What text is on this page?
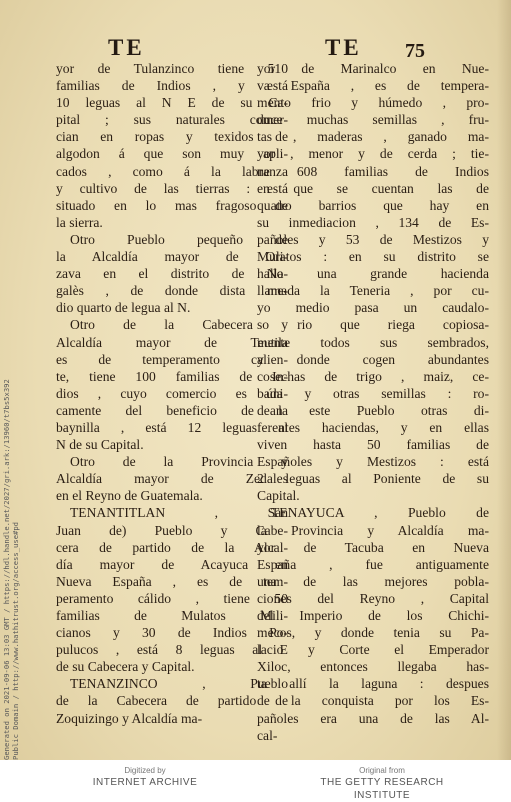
TE	TE 75

yor de Tulanzinco tiene 510
familias de Indios , y está
10 leguas al N E de su Ca-
pital ; sus naturales comer-
cian en ropas y texidos de
algodon á que son muy apli-
cados , como á la labranza
y cultivo de las tierras : está
situado en lo mas fragoso de
la sierra.

Otro Pueblo pequeño de
la Alcaldía mayor de Ori-
zava en el distrito de No-
galès , de donde dista me-
dio quarto de legua al N.

Otro de la Cabecera y
Alcaldía mayor de Teutila
es de temperamento calien-
te, tiene 100 familias de In-
dios , cuyo comercio es úni-
camente del beneficio de la
baynilla , está 12 leguas al
N de su Capital.

Otro de la Provincia y
Alcaldía mayor de Zedales
en el Reyno de Guatemala.

TENANTITLAN , San
Juan de) Pueblo y Cabe-
cera de partido de la Alcal-
día mayor de Acayuca en
Nueva España , es de tem-
peramento cálido , tiene 50
familias de Mulatos Mili-
cianos y 30 de Indios Po-
pulucos , está 8 leguas al E
de su Cabecera y Capital.

TENANZINCO , Pueblo
de la Cabecera de partido de
Zoquizingo y Alcaldía ma-

yor de Marinalco en Nue-
va España , es de tempera-
mento frio y húmedo , pro-
duce muchas semillas , fru-
tas , maderas , ganado ma-
yor , menor y de cerda ; tie-
ne 608 familias de Indios
en que se cuentan las de
quatro barrios que hay en
su inmediacion , 134 de Es-
pañoles y 53 de Mestizos y
Mulatos : en su distrito se
halla una grande hacienda
llamada la Teneria , por cu-
yo medio pasa un caudalo-
so rio que riega copiosa-
mente todos sus sembrados,
y donde cogen abundantes
cosechas de trigo , maiz, ce-
bada y otras semillas : ro-
dean este Pueblo otras di-
ferentes haciendas, y en ellas
viven hasta 50 familias de
Españoles y Mestizos : está
2 leguas al Poniente de su
Capital.

TENAYUCA , Pueblo de
la Provincia y Alcaldía ma-
yor de Tacuba en Nueva
España , fue antiguamente
una de las mejores pobla-
ciones del Reyno , Capital
del Imperio de los Chichi-
mecos, y donde tenia su Pa-
lacio y Corte el Emperador
Xiloc, entonces llegaba has-
ta allí la laguna : despues
de la conquista por los Es-
pañoles era una de las Al-
cal-

Generated on 2021-09-06 13:03 GMT / https://hdl.handle.net/2027/gri.ark:/13960/t7bs5x392 Public Domain / http://www.hathitrust.org/access_use#pd
Digitized by
INTERNET ARCHIVE
Original from
THE GETTY RESEARCH INSTITUTE
